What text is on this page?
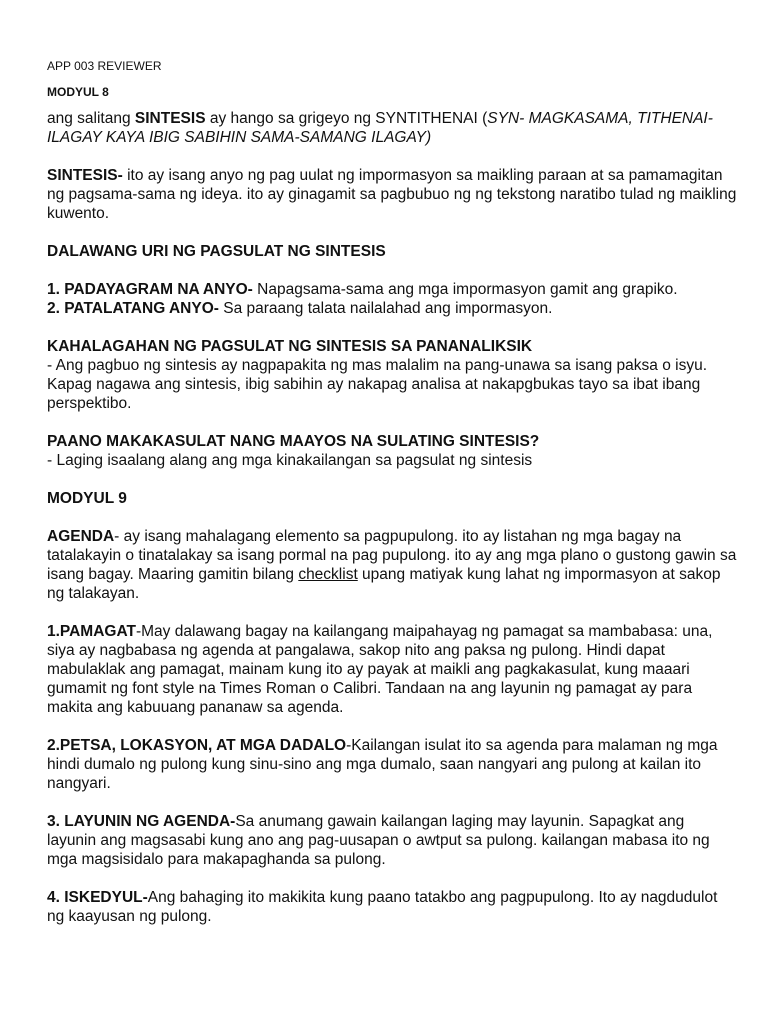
APP 003 REVIEWER
MODYUL 8

ang salitang SINTESIS ay hango sa grigeyo ng SYNTITHENAI (SYN- MAGKASAMA, TITHENAI- ILAGAY KAYA IBIG SABIHIN SAMA-SAMANG ILAGAY)

SINTESIS- ito ay isang anyo ng pag uulat ng impormasyon sa maikling paraan at sa pamamagitan ng pagsama-sama ng ideya. ito ay ginagamit sa pagbubuo ng ng tekstong naratibo tulad ng maikling kuwento.

DALAWANG URI NG PAGSULAT NG SINTESIS

1. PADAYAGRAM NA ANYO- Napagsama-sama ang mga impormasyon gamit ang grapiko.

2. PATALATANG ANYO- Sa paraang talata nailalahad ang impormasyon.

KAHALAGAHAN NG PAGSULAT NG SINTESIS SA PANANALIKSIK
- Ang pagbuo ng sintesis ay nagpapakita ng mas malalim na pang-unawa sa isang paksa o isyu. Kapag nagawa ang sintesis, ibig sabihin ay nakapag analisa at nakapgbukas tayo sa ibat ibang perspektibo.

PAANO MAKAKASULAT NANG MAAYOS NA SULATING SINTESIS?
- Laging isaalang alang ang mga kinakailangan sa pagsulat ng sintesis

MODYUL 9

AGENDA- ay isang mahalagang elemento sa pagpupulong. ito ay listahan ng mga bagay na tatalakayin o tinatalakay sa isang pormal na pag pupulong. ito ay ang mga plano o gustong gawin sa isang bagay. Maaring gamitin bilang checklist upang matiyak kung lahat ng impormasyon at sakop ng talakayan.

1.PAMAGAT-May dalawang bagay na kailangang maipahayag ng pamagat sa mambabasa: una, siya ay nagbabasa ng agenda at pangalawa, sakop nito ang paksa ng pulong. Hindi dapat mabulaklak ang pamagat, mainam kung ito ay payak at maikli ang pagkakasulat, kung maaari gumamit ng font style na Times Roman o Calibri. Tandaan na ang layunin ng pamagat ay para makita ang kabuuang pananaw sa agenda.

2.PETSA, LOKASYON, AT MGA DADALO-Kailangan isulat ito sa agenda para malaman ng mga hindi dumalo ng pulong kung sinu-sino ang mga dumalo, saan nangyari ang pulong at kailan ito nangyari.

3. LAYUNIN NG AGENDA-Sa anumang gawain kailangan laging may layunin. Sapagkat ang layunin ang magsasabi kung ano ang pag-uusapan o awtput sa pulong. kailangan mabasa ito ng mga magsisidalo para makapaghanda sa pulong.

4. ISKEDYUL-Ang bahaging ito makikita kung paano tatakbo ang pagpupulong. Ito ay nagdudulot ng kaayusan ng pulong.
